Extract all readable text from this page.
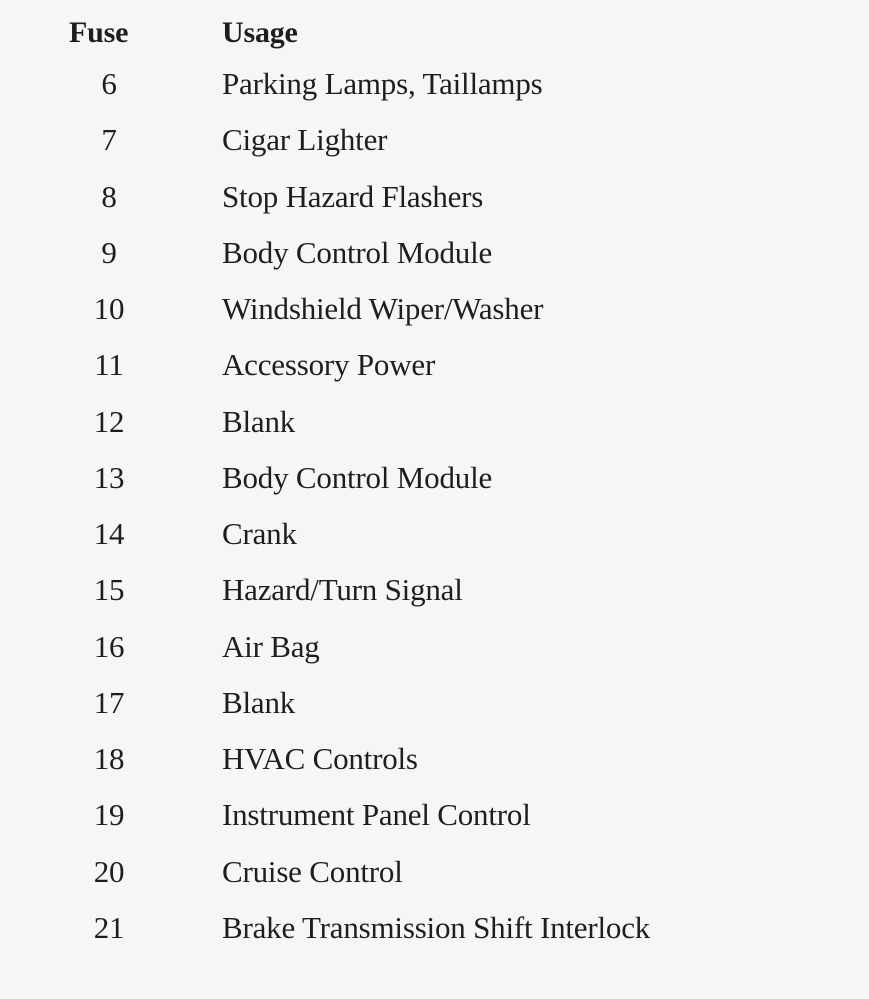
Fuse	Usage
6	Parking Lamps, Taillamps
7	Cigar Lighter
8	Stop Hazard Flashers
9	Body Control Module
10	Windshield Wiper/Washer
11	Accessory Power
12	Blank
13	Body Control Module
14	Crank
15	Hazard/Turn Signal
16	Air Bag
17	Blank
18	HVAC Controls
19	Instrument Panel Control
20	Cruise Control
21	Brake Transmission Shift Interlock
